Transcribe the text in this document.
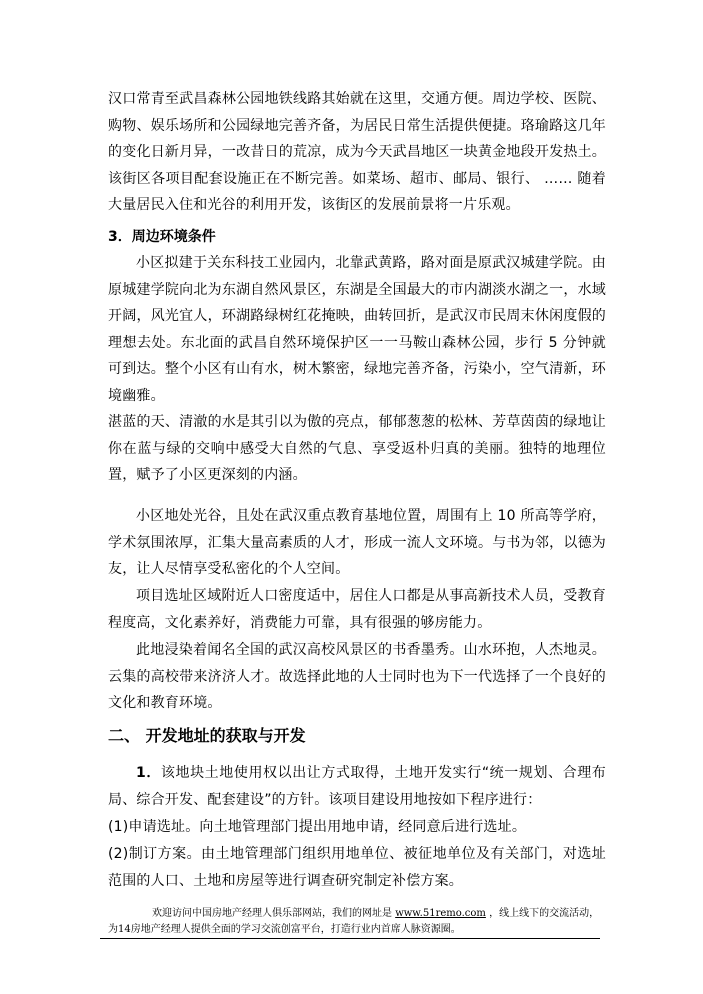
汉口常青至武昌森林公园地铁线路其始就在这里，交通方便。周边学校、医院、购物、娱乐场所和公园绿地完善齐备，为居民日常生活提供便捷。珞瑜路这几年的变化日新月异，一改昔日的荒凉，成为今天武昌地区一块黄金地段开发热土。该街区各项目配套设施正在不断完善。如菜场、超市、邮局、银行、 …… 随着大量居民入住和光谷的利用开发，该街区的发展前景将一片乐观。

3．周边环境条件

小区拟建于关东科技工业园内，北靠武黄路，路对面是原武汉城建学院。由原城建学院向北为东湖自然风景区，东湖是全国最大的市内湖淡水湖之一，水域开阔，风光宜人，环湖路绿树红花掩映，曲转回折，是武汉市民周末休闲度假的理想去处。东北面的武昌自然环境保护区一一马鞍山森林公园，步行 5 分钟就可到达。整个小区有山有水，树木繁密，绿地完善齐备，污染小，空气清新，环境幽雅。

湛蓝的天、清澈的水是其引以为傲的亮点，郁郁葱葱的松林、芳草茵茵的绿地让你在蓝与绿的交响中感受大自然的气息、享受返朴归真的美丽。独特的地理位置，赋予了小区更深刻的内涵。

小区地处光谷，且处在武汉重点教育基地位置，周围有上 10 所高等学府，学术氛围浓厚，汇集大量高素质的人才，形成一流人文环境。与书为邻，以德为友，让人尽情享受私密化的个人空间。

项目选址区域附近人口密度适中，居住人口都是从事高新技术人员，受教育程度高，文化素养好，消费能力可靠，具有很强的够房能力。

此地浸染着闻名全国的武汉高校风景区的书香墨秀。山水环抱，人杰地灵。云集的高校带来济济人才。故选择此地的人士同时也为下一代选择了一个良好的文化和教育环境。

二、 开发地址的获取与开发

1．该地块土地使用权以出让方式取得，土地开发实行“统一规划、合理布局、综合开发、配套建设”的方针。该项目建设用地按如下程序进行：

(1)申请选址。向土地管理部门提出用地申请，经同意后进行选址。

(2)制订方案。由土地管理部门组织用地单位、被征地单位及有关部门，对选址范围的人口、土地和房屋等进行调查研究制定补偿方案。

欢迎访问中国房地产经理人俱乐部网站，我们的网址是 www.51remo.com ，线上线下的交流活动，为14房地产经理人提供全面的学习交流创富平台，打造行业内首席人脉资源圈。
